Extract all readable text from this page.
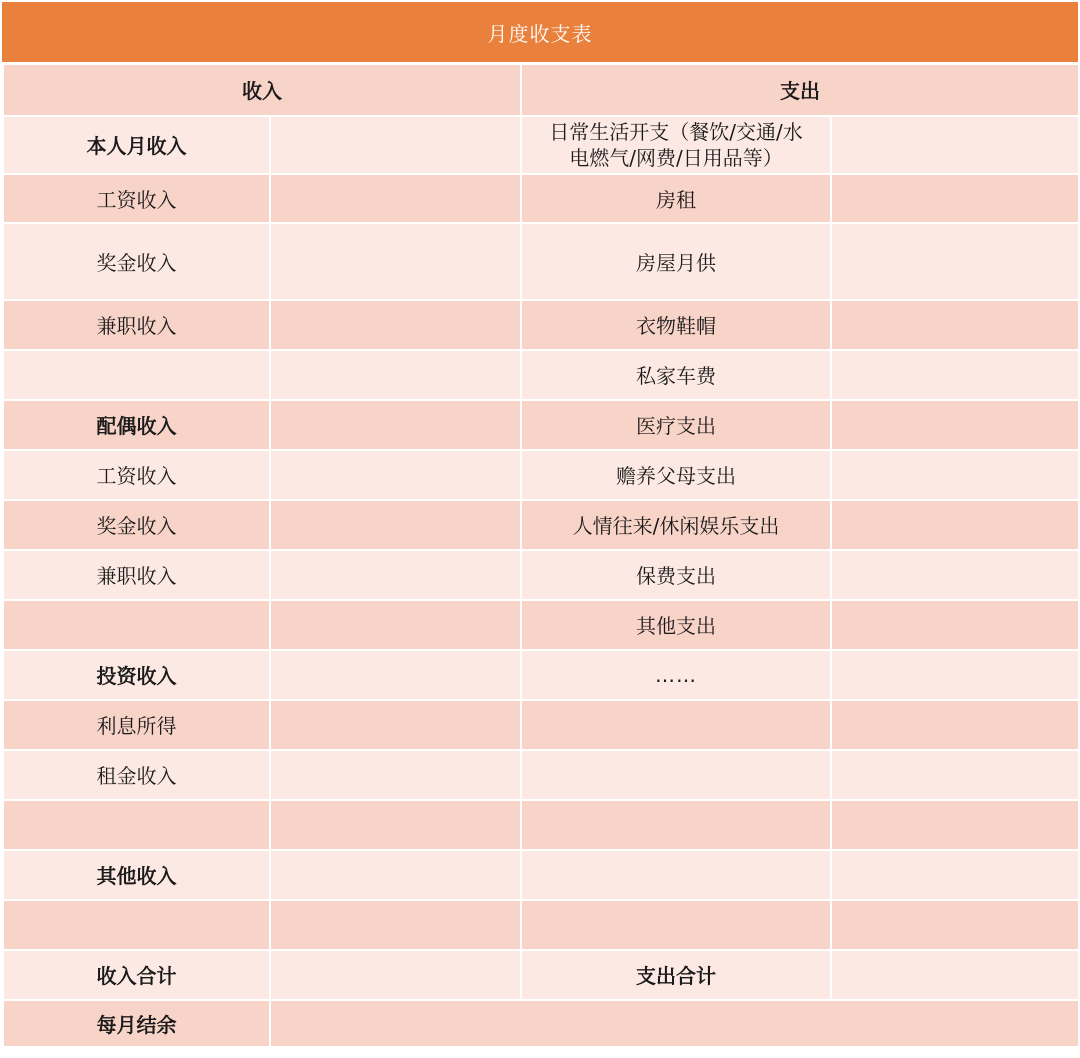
月度收支表
收入		支出	
本人月收入		日常生活开支（餐饮/交通/水
电燃气/网费/日用品等）	
工资收入		房租	
奖金收入		房屋月供	
兼职收入		衣物鞋帽	
		私家车费	
配偶收入		医疗支出	
工资收入		赡养父母支出	
奖金收入		人情往来/休闲娱乐支出	
兼职收入		保费支出	
		其他支出	
投资收入		……	
利息所得			
租金收入			

其他收入			

收入合计		支出合计	
每月结余			
